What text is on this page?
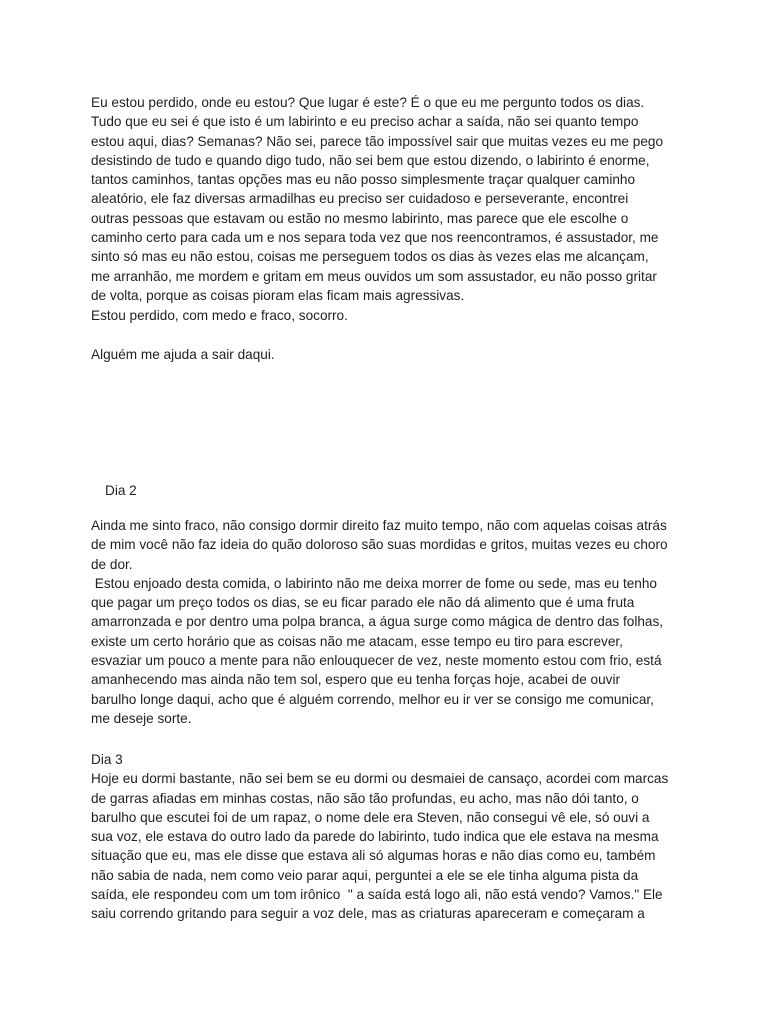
Eu estou perdido, onde eu estou? Que lugar é este? É o que eu me pergunto todos os dias.
Tudo que eu sei é que isto é um labirinto e eu preciso achar a saída, não sei quanto tempo
estou aqui, dias? Semanas? Não sei, parece tão impossível sair que muitas vezes eu me pego
desistindo de tudo e quando digo tudo, não sei bem que estou dizendo, o labirinto é enorme,
tantos caminhos, tantas opções mas eu não posso simplesmente traçar qualquer caminho
aleatório, ele faz diversas armadilhas eu preciso ser cuidadoso e perseverante, encontrei
outras pessoas que estavam ou estão no mesmo labirinto, mas parece que ele escolhe o
caminho certo para cada um e nos separa toda vez que nos reencontramos, é assustador, me
sinto só mas eu não estou, coisas me perseguem todos os dias às vezes elas me alcançam,
me arranhão, me mordem e gritam em meus ouvidos um som assustador, eu não posso gritar
de volta, porque as coisas pioram elas ficam mais agressivas.
Estou perdido, com medo e fraco, socorro.
Alguém me ajuda a sair daqui.
Dia 2
Ainda me sinto fraco, não consigo dormir direito faz muito tempo, não com aquelas coisas atrás
de mim você não faz ideia do quão doloroso são suas mordidas e gritos, muitas vezes eu choro
de dor.
Estou enjoado desta comida, o labirinto não me deixa morrer de fome ou sede, mas eu tenho
que pagar um preço todos os dias, se eu ficar parado ele não dá alimento que é uma fruta
amarronzada e por dentro uma polpa branca, a água surge como mágica de dentro das folhas,
existe um certo horário que as coisas não me atacam, esse tempo eu tiro para escrever,
esvaziar um pouco a mente para não enlouquecer de vez, neste momento estou com frio, está
amanhecendo mas ainda não tem sol, espero que eu tenha forças hoje, acabei de ouvir
barulho longe daqui, acho que é alguém correndo, melhor eu ir ver se consigo me comunicar,
me deseje sorte.
Dia 3
Hoje eu dormi bastante, não sei bem se eu dormi ou desmaiei de cansaço, acordei com marcas
de garras afiadas em minhas costas, não são tão profundas, eu acho, mas não dói tanto, o
barulho que escutei foi de um rapaz, o nome dele era Steven, não consegui vê ele, só ouvi a
sua voz, ele estava do outro lado da parede do labirinto, tudo indica que ele estava na mesma
situação que eu, mas ele disse que estava ali só algumas horas e não dias como eu, também
não sabia de nada, nem como veio parar aqui, perguntei a ele se ele tinha alguma pista da
saída, ele respondeu com um tom irônico  " a saída está logo ali, não está vendo? Vamos." Ele
saiu correndo gritando para seguir a voz dele, mas as criaturas apareceram e começaram a
